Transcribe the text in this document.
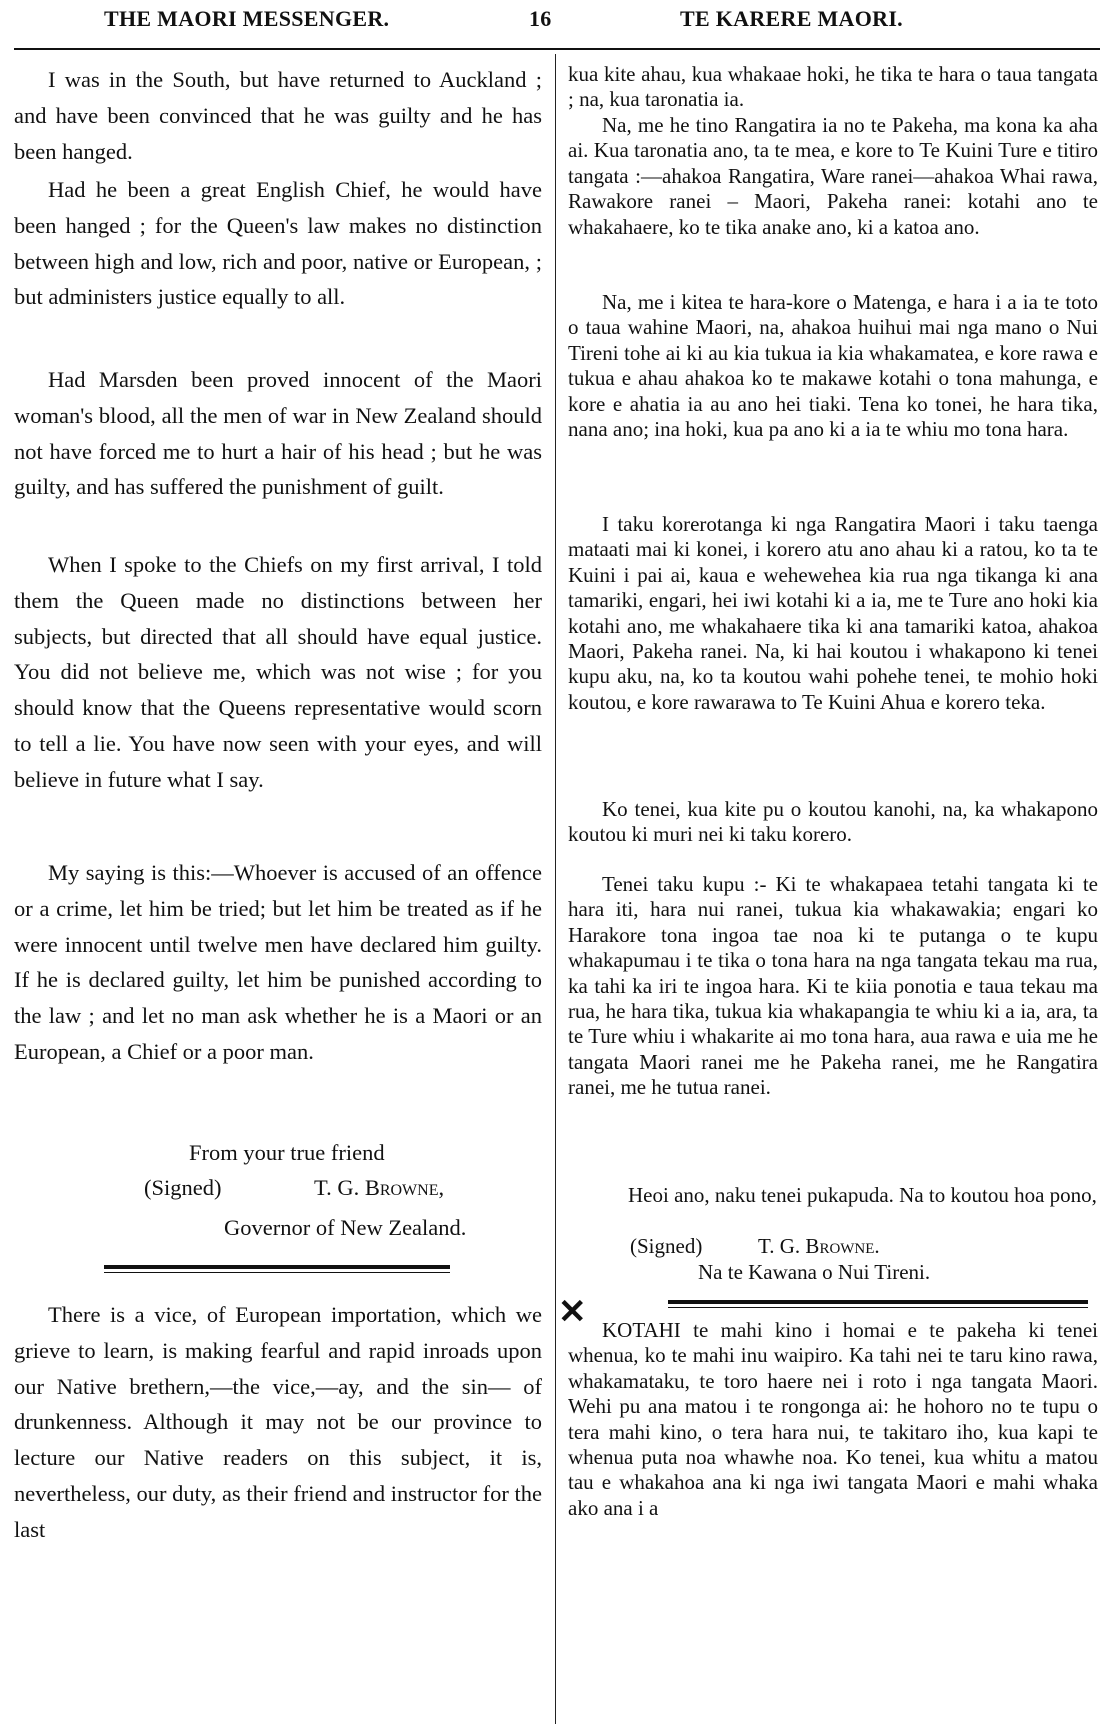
THE MAORI MESSENGER.	16	TE KARERE MAORI.

I was in the South, but have returned to Auckland ; and have been convinced that he was guilty and he has been hanged.

Had he been a great English Chief, he would have been hanged ; for the Queen's law makes no distinction between high and low, rich and poor, native or European, ; but administers justice equally to all.

Had Marsden been proved innocent of the Maori woman's blood, all the men of war in New Zealand should not have forced me to hurt a hair of his head ; but he was guilty, and has suffered the punishment of guilt.

When I spoke to the Chiefs on my first arrival, I told them the Queen made no distinctions between her subjects, but directed that all should have equal justice. You did not believe me, which was not wise ; for you should know that the Queens representative would scorn to tell a lie. You have now seen with your eyes, and will believe in future what I say.

My saying is this:—Whoever is accused of an offence or a crime, let him be tried; but let him be treated as if he were innocent until twelve men have declared him guilty. If he is declared guilty, let him be punished according to the law ; and let no man ask whether he is a Maori or an European, a Chief or a poor man.

From your true friend
(Signed)	T. G. Browne,
Governor of New Zealand.

There is a vice, of European importation, which we grieve to learn, is making fearful and rapid inroads upon our Native brethern,—the vice,—ay, and the sin— of drunkenness. Although it may not be our province to lecture our Native readers on this subject, it is, nevertheless, our duty, as their friend and instructor for the last

kua kite ahau, kua whakaae hoki, he tika te hara o taua tangata ; na, kua taronatia ia.

Na, me he tino Rangatira ia no te Pakeha, ma kona ka aha ai. Kua taronatia ano, ta te mea, e kore to Te Kuini Ture e titiro tangata :—ahakoa Rangatira, Ware ranei—ahakoa Whai rawa, Rawakore ranei – Maori, Pakeha ranei: kotahi ano te whakahaere, ko te tika anake ano, ki a katoa ano.

Na, me i kitea te hara-kore o Matenga, e hara i a ia te toto o taua wahine Maori, na, ahakoa huihui mai nga mano o Nui Tireni tohe ai ki au kia tukua ia kia whakamatea, e kore rawa e tukua e ahau ahakoa ko te makawe kotahi o tona mahunga, e kore e ahatia ia au ano hei tiaki. Tena ko tonei, he hara tika, nana ano; ina hoki, kua pa ano ki a ia te whiu mo tona hara.

I taku korerotanga ki nga Rangatira Maori i taku taenga mataati mai ki konei, i korero atu ano ahau ki a ratou, ko ta te Kuini i pai ai, kaua e wehewehea kia rua nga tikanga ki ana tamariki, engari, hei iwi kotahi ki a ia, me te Ture ano hoki kia kotahi ano, me whakahaere tika ki ana tamariki katoa, ahakoa Maori, Pakeha ranei. Na, ki hai koutou i whakapono ki tenei kupu aku, na, ko ta koutou wahi pohehe tenei, te mohio hoki koutou, e kore rawarawa to Te Kuini Ahua e korero teka.

Ko tenei, kua kite pu o koutou kanohi, na, ka whakapono koutou ki muri nei ki taku korero.

Tenei taku kupu :- Ki te whakapaea tetahi tangata ki te hara iti, hara nui ranei, tukua kia whakawakia; engari ko Harakore tona ingoa tae noa ki te putanga o te kupu whakapumau i te tika o tona hara na nga tangata tekau ma rua, ka tahi ka iri te ingoa hara. Ki te kiia ponotia e taua tekau ma rua, he hara tika, tukua kia whakapangia te whiu ki a ia, ara, ta te Ture whiu i whakarite ai mo tona hara, aua rawa e uia me he tangata Maori ranei me he Pakeha ranei, me he Rangatira ranei, me he tutua ranei.

Heoi ano, naku tenei pukapuda. Na to koutou hoa pono,
(Signed)	T. G. Browne.
Na te Kawana o Nui Tireni.
✕ KOTAHI te mahi kino i homai e te pakeha ki tenei whenua, ko te mahi inu waipiro. Ka tahi nei te taru kino rawa, whakamataku, te toro haere nei i roto i nga tangata Maori. Wehi pu ana matou i te rongonga ai: he hohoro no te tupu o tera mahi kino, o tera hara nui, te takitaro iho, kua kapi te whenua puta noa whawhe noa. Ko tenei, kua whitu a matou tau e whakahoa ana ki nga iwi tangata Maori e mahi whaka ako ana i a
